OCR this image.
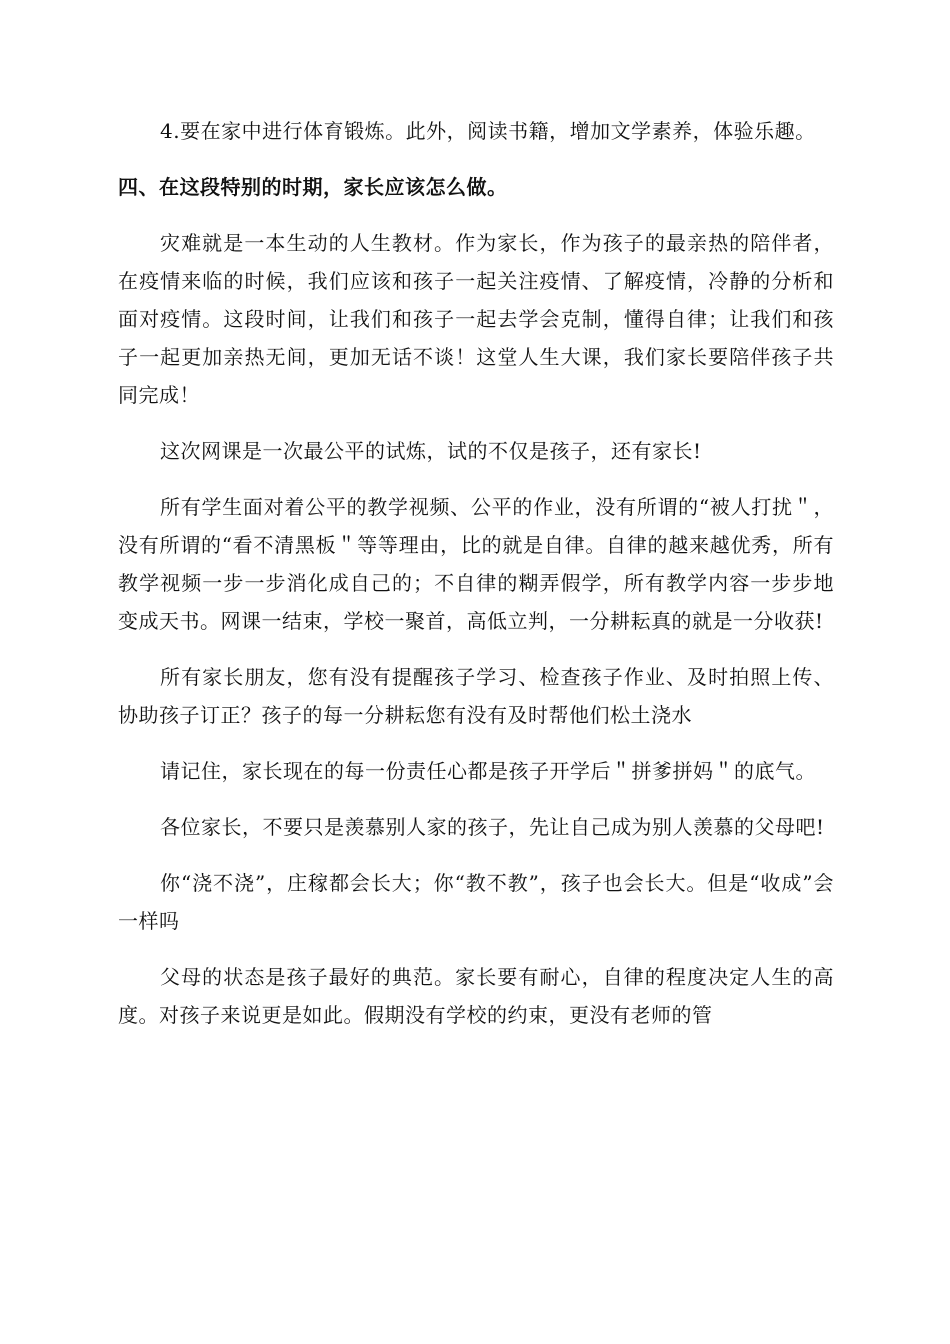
4.要在家中进行体育锻炼。此外，阅读书籍，增加文学素养，体验乐趣。

四、在这段特别的时期，家长应该怎么做。

灾难就是一本生动的人生教材。作为家长，作为孩子的最亲热的陪伴者，在疫情来临的时候，我们应该和孩子一起关注疫情、了解疫情，冷静的分析和面对疫情。这段时间，让我们和孩子一起去学会克制，懂得自律；让我们和孩子一起更加亲热无间，更加无话不谈！这堂人生大课，我们家长要陪伴孩子共同完成！

这次网课是一次最公平的试炼，试的不仅是孩子，还有家长!

所有学生面对着公平的教学视频、公平的作业，没有所谓的“被人打扰＂，没有所谓的“看不清黑板＂等等理由，比的就是自律。自律的越来越优秀，所有教学视频一步一步消化成自己的；不自律的糊弄假学，所有教学内容一步步地变成天书。网课一结束，学校一聚首，高低立判，一分耕耘真的就是一分收获!

所有家长朋友，您有没有提醒孩子学习、检查孩子作业、及时拍照上传、协助孩子订正？孩子的每一分耕耘您有没有及时帮他们松土浇水

请记住，家长现在的每一份责任心都是孩子开学后＂拼爹拼妈＂的底气。

各位家长，不要只是羡慕别人家的孩子，先让自己成为别人羡慕的父母吧!

你“浇不浇”，庄稼都会长大；你“教不教”，孩子也会长大。但是“收成”会一样吗

父母的状态是孩子最好的典范。家长要有耐心，自律的程度决定人生的高度。对孩子来说更是如此。假期没有学校的约束，更没有老师的管
